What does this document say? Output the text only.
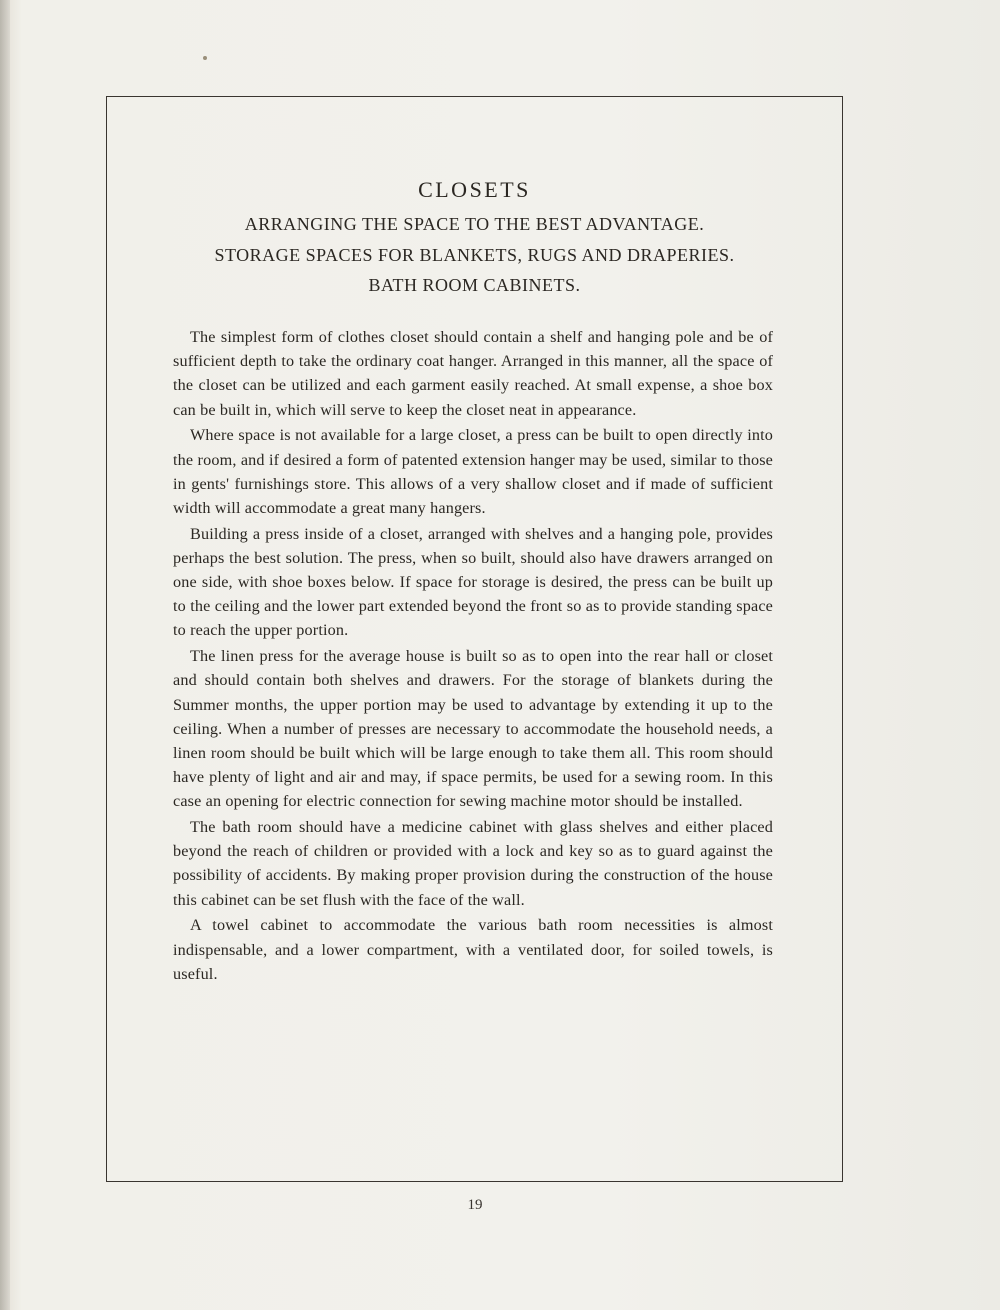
CLOSETS
ARRANGING THE SPACE TO THE BEST ADVANTAGE.
STORAGE SPACES FOR BLANKETS, RUGS AND DRAPERIES.
BATH ROOM CABINETS.

The simplest form of clothes closet should contain a shelf and hanging pole and be of sufficient depth to take the ordinary coat hanger. Arranged in this manner, all the space of the closet can be utilized and each garment easily reached. At small expense, a shoe box can be built in, which will serve to keep the closet neat in appearance.

Where space is not available for a large closet, a press can be built to open directly into the room, and if desired a form of patented extension hanger may be used, similar to those in gents' furnishings store. This allows of a very shallow closet and if made of sufficient width will accommodate a great many hangers.

Building a press inside of a closet, arranged with shelves and a hanging pole, provides perhaps the best solution. The press, when so built, should also have drawers arranged on one side, with shoe boxes below. If space for storage is desired, the press can be built up to the ceiling and the lower part extended beyond the front so as to provide standing space to reach the upper portion.

The linen press for the average house is built so as to open into the rear hall or closet and should contain both shelves and drawers. For the storage of blankets during the Summer months, the upper portion may be used to advantage by extending it up to the ceiling. When a number of presses are necessary to accommodate the household needs, a linen room should be built which will be large enough to take them all. This room should have plenty of light and air and may, if space permits, be used for a sewing room. In this case an opening for electric connection for sewing machine motor should be installed.

The bath room should have a medicine cabinet with glass shelves and either placed beyond the reach of children or provided with a lock and key so as to guard against the possibility of accidents. By making proper provision during the construction of the house this cabinet can be set flush with the face of the wall.

A towel cabinet to accommodate the various bath room necessities is almost indispensable, and a lower compartment, with a ventilated door, for soiled towels, is useful.

19
